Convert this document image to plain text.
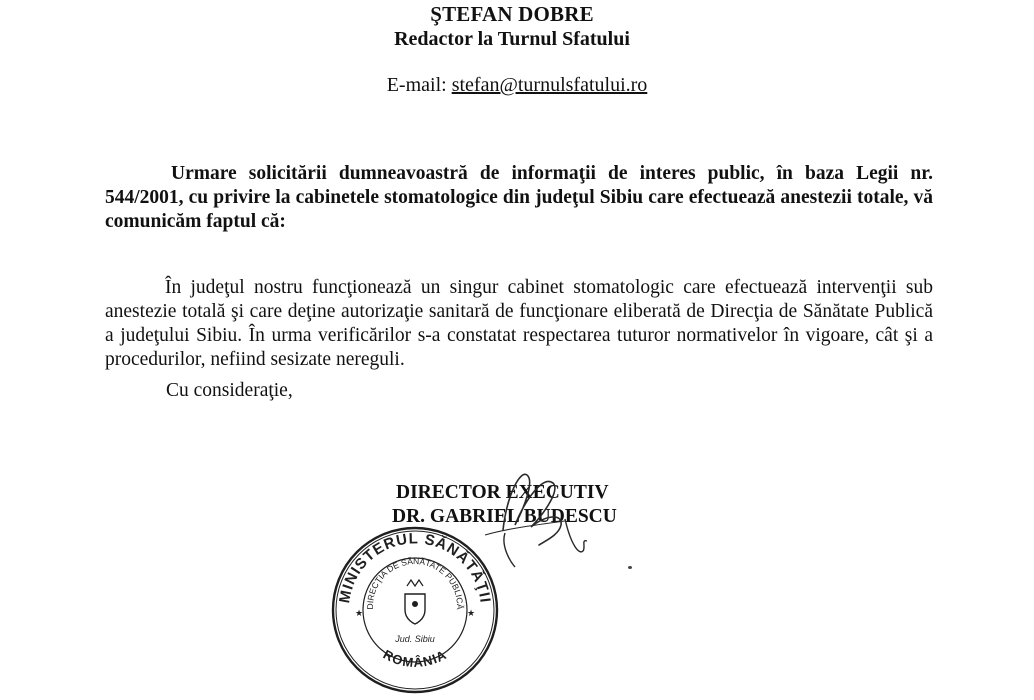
ŞTEFAN DOBRE
Redactor la Turnul Sfatului
E-mail: stefan@turnulsfatului.ro

Urmare solicitării dumneavoastră de informaţii de interes public, în baza Legii nr. 544/2001, cu privire la cabinetele stomatologice din judeţul Sibiu care efectuează anestezii totale, vă comunicăm faptul că:

În judeţul nostru funcţionează un singur cabinet stomatologic care efectuează intervenţii sub anestezie totală şi care deţine autorizaţie sanitară de funcţionare eliberată de Direcţia de Sănătate Publică a judeţului Sibiu. În urma verificărilor s-a constatat respectarea tuturor normativelor în vigoare, cât şi a procedurilor, nefiind sesizate nereguli.

Cu consideraţie,
DIRECTOR EXECUTIV
DR. GABRIEL BUDESCU
MINISTERUL SĂNĂTĂŢII
DIRECŢIA DE SĂNĂTATE PUBLICĂ
Jud. Sibiu
ROMÂNIA
★	★
